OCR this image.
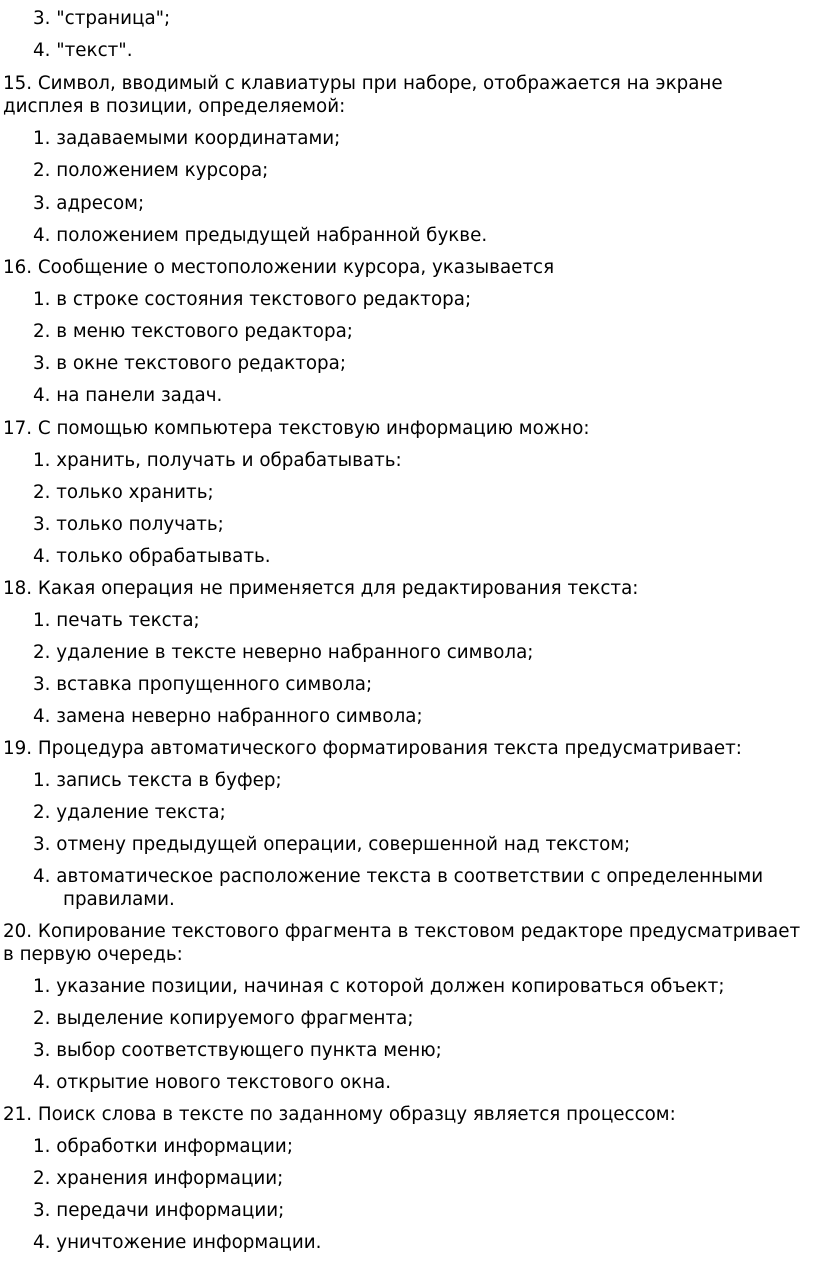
3. "страница";
4. "текст".
15. Символ, вводимый с клавиатуры при наборе, отображается на экране
дисплея в позиции, определяемой:
1. задаваемыми координатами;
2. положением курсора;
3. адресом;
4. положением предыдущей набранной букве.
16. Сообщение о местоположении курсора, указывается
1. в строке состояния текстового редактора;
2. в меню текстового редактора;
3. в окне текстового редактора;
4. на панели задач.
17. С помощью компьютера текстовую информацию можно:
1. хранить, получать и обрабатывать:
2. только хранить;
3. только получать;
4. только обрабатывать.
18. Какая операция не применяется для редактирования текста:
1. печать текста;
2. удаление в тексте неверно набранного символа;
3. вставка пропущенного символа;
4. замена неверно набранного символа;
19. Процедура автоматического форматирования текста предусматривает:
1. запись текста в буфер;
2. удаление текста;
3. отмену предыдущей операции, совершенной над текстом;
4. автоматическое расположение текста в соответствии с определенными
правилами.
20. Копирование текстового фрагмента в текстовом редакторе предусматривает
в первую очередь:
1. указание позиции, начиная с которой должен копироваться объект;
2. выделение копируемого фрагмента;
3. выбор соответствующего пункта меню;
4. открытие нового текстового окна.
21. Поиск слова в тексте по заданному образцу является процессом:
1. обработки информации;
2. хранения информации;
3. передачи информации;
4. уничтожение информации.
